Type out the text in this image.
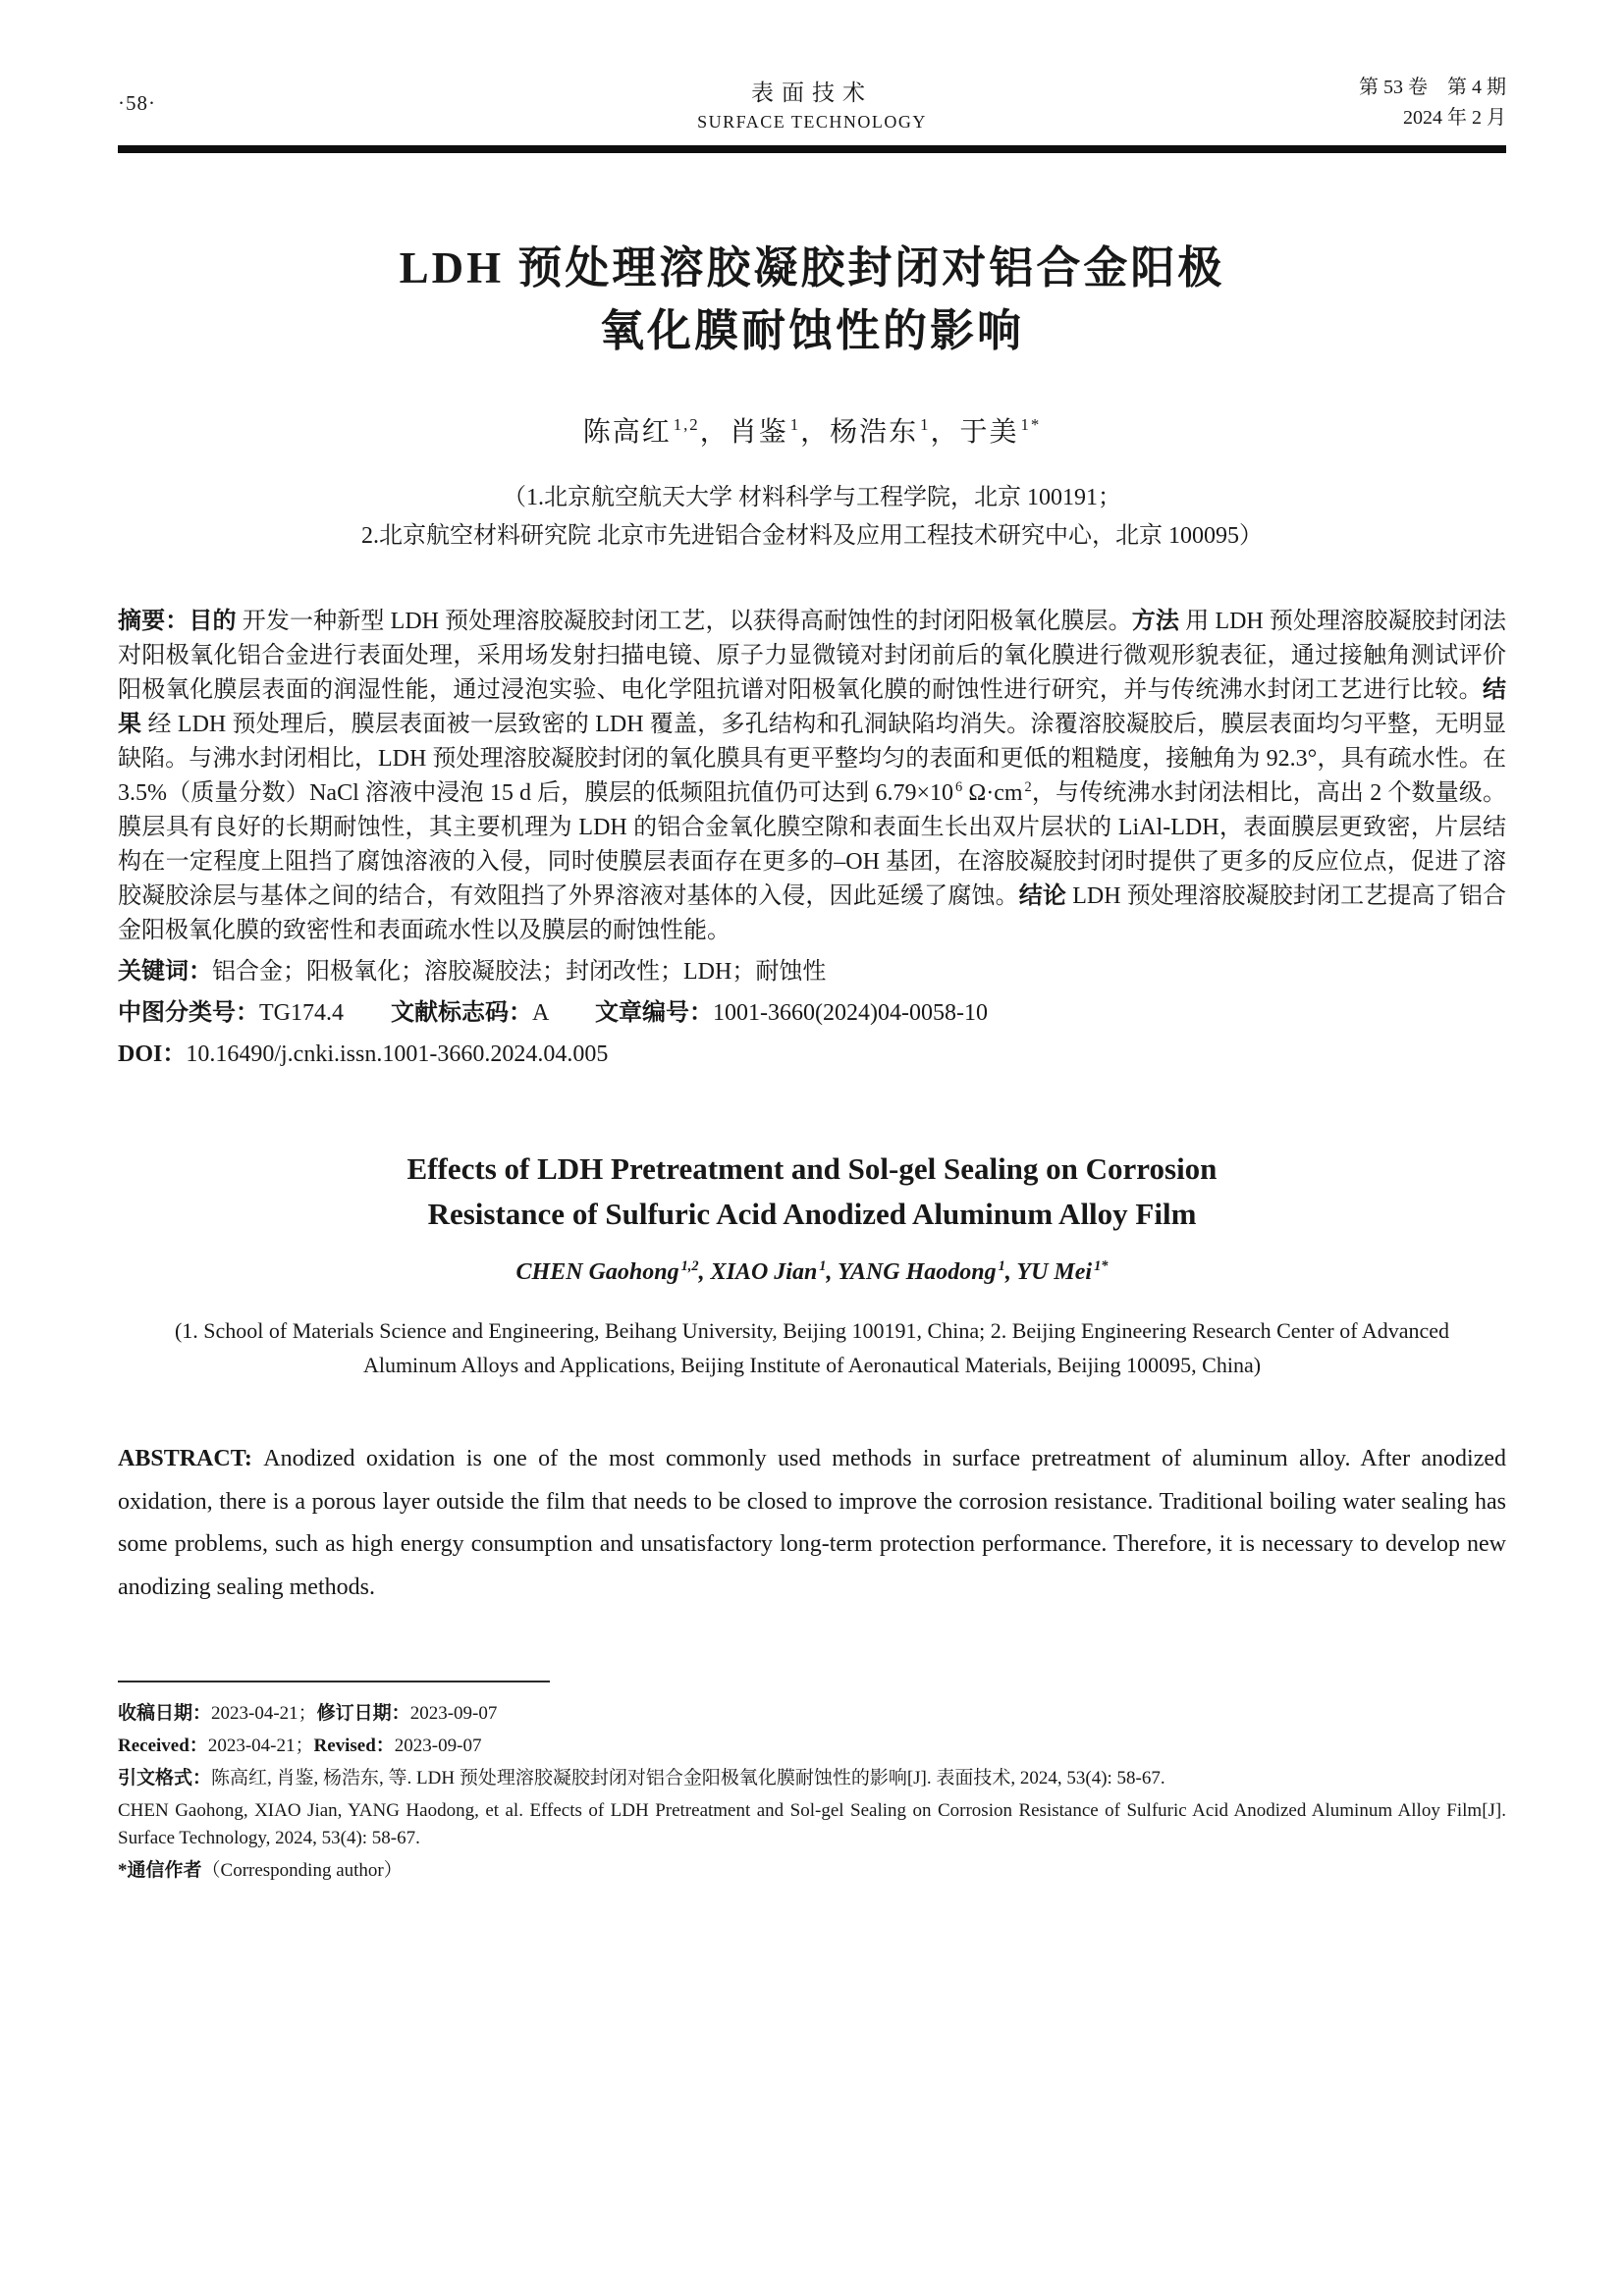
·58·	表面技术
SURFACE TECHNOLOGY
第 53 卷　第 4 期
2024 年 2 月
LDH 预处理溶胶凝胶封闭对铝合金阳极
氧化膜耐蚀性的影响

陈高红 $^{1,2}$，肖鉴 $^1$，杨浩东 $^1$，于美 $^{1*}$

（1.北京航空航天大学 材料科学与工程学院，北京 100191；
2.北京航空材料研究院 北京市先进铝合金材料及应用工程技术研究中心，北京 100095）

摘要：目的 开发一种新型 LDH 预处理溶胶凝胶封闭工艺，以获得高耐蚀性的封闭阳极氧化膜层。方法 用 LDH 预处理溶胶凝胶封闭法对阳极氧化铝合金进行表面处理，采用场发射扫描电镜、原子力显微镜对封闭前后的氧化膜进行微观形貌表征，通过接触角测试评价阳极氧化膜层表面的润湿性能，通过浸泡实验、电化学阻抗谱对阳极氧化膜的耐蚀性进行研究，并与传统沸水封闭工艺进行比较。结果 经 LDH 预处理后，膜层表面被一层致密的 LDH 覆盖，多孔结构和孔洞缺陷均消失。涂覆溶胶凝胶后，膜层表面均匀平整，无明显缺陷。与沸水封闭相比，LDH 预处理溶胶凝胶封闭的氧化膜具有更平整均匀的表面和更低的粗糙度，接触角为 92.3°，具有疏水性。在 3.5%（质量分数）NaCl 溶液中浸泡 15 d 后，膜层的低频阻抗值仍可达到 6.79×10 $^6$ Ω·cm $^2$，与传统沸水封闭法相比，高出 2 个数量级。膜层具有良好的长期耐蚀性，其主要机理为 LDH 的铝合金氧化膜空隙和表面生长出双片层状的 LiAl-LDH，表面膜层更致密，片层结构在一定程度上阻挡了腐蚀溶液的入侵，同时使膜层表面存在更多的–OH 基团，在溶胶凝胶封闭时提供了更多的反应位点，促进了溶胶凝胶涂层与基体之间的结合，有效阻挡了外界溶液对基体的入侵，因此延缓了腐蚀。结论 LDH 预处理溶胶凝胶封闭工艺提高了铝合金阳极氧化膜的致密性和表面疏水性以及膜层的耐蚀性能。

关键词：铝合金；阳极氧化；溶胶凝胶法；封闭改性；LDH；耐蚀性

中图分类号：TG174.4　　文献标志码：A　　文章编号：1001-3660(2024)04-0058-10

DOI：10.16490/j.cnki.issn.1001-3660.2024.04.005

Effects of LDH Pretreatment and Sol-gel Sealing on Corrosion
Resistance of Sulfuric Acid Anodized Aluminum Alloy Film

CHEN Gaohong $^{1,2}$, XIAO Jian $^1$, YANG Haodong $^1$, YU Mei $^{1*}$

(1. School of Materials Science and Engineering, Beihang University, Beijing 100191, China; 2. Beijing Engineering Research Center of Advanced Aluminum Alloys and Applications, Beijing Institute of Aeronautical Materials, Beijing 100095, China)

ABSTRACT: Anodized oxidation is one of the most commonly used methods in surface pretreatment of aluminum alloy. After anodized oxidation, there is a porous layer outside the film that needs to be closed to improve the corrosion resistance. Traditional boiling water sealing has some problems, such as high energy consumption and unsatisfactory long-term protection performance. Therefore, it is necessary to develop new anodizing sealing methods.

收稿日期：2023-04-21；修订日期：2023-09-07

Received：2023-04-21；Revised：2023-09-07

引文格式：陈高红, 肖鉴, 杨浩东, 等. LDH 预处理溶胶凝胶封闭对铝合金阳极氧化膜耐蚀性的影响[J]. 表面技术, 2024, 53(4): 58-67.

CHEN Gaohong, XIAO Jian, YANG Haodong, et al. Effects of LDH Pretreatment and Sol-gel Sealing on Corrosion Resistance of Sulfuric Acid Anodized Aluminum Alloy Film[J]. Surface Technology, 2024, 53(4): 58-67.

*通信作者（Corresponding author）
